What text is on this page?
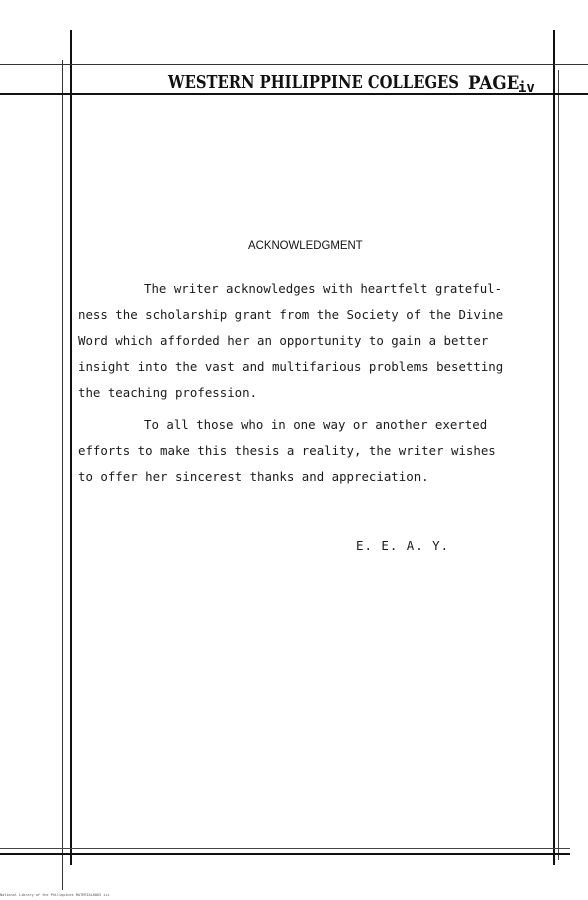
WESTERN PHILIPPINE COLLEGES PAGE
iv
ACKNOWLEDGMENT
The writer acknowledges with heartfelt grateful-
ness the scholarship grant from the Society of the Divine
Word which afforded her an opportunity to gain a better
insight into the vast and multifarious problems besetting
the teaching profession.
To all those who in one way or another exerted
efforts to make this thesis a reality, the writer wishes
to offer her sincerest thanks and appreciation.
E. E. A. Y.
National Library of the Philippines MATERIAL0003 iii
